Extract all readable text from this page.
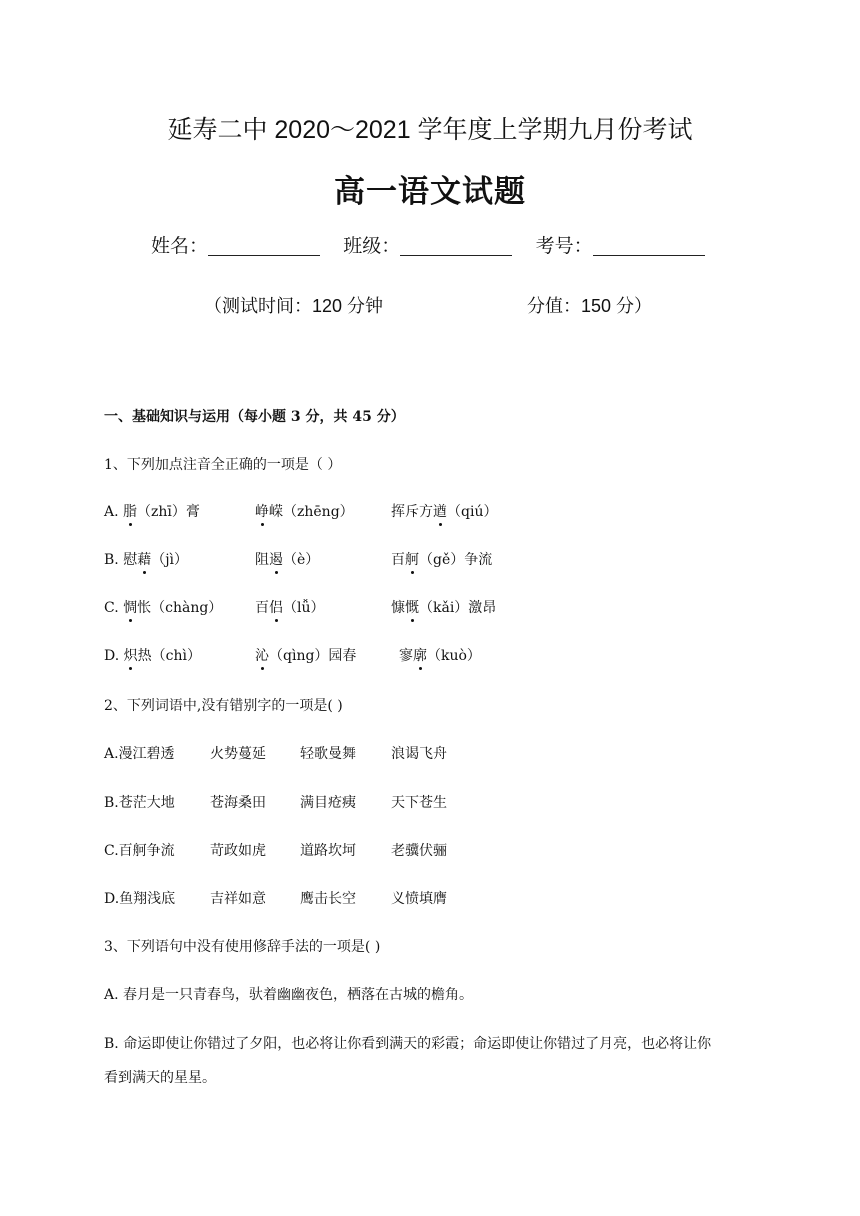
延寿二中 2020～2021 学年度上学期九月份考试
高一语文试题
姓名：	班级：	考号：
（测试时间：120 分钟	分值：150 分）
一、基础知识与运用（每小题 3 分，共 45 分）
1、下列加点注音全正确的一项是（ ）
A. 脂（zhī）膏	峥嵘（zhēng）	挥斥方遒（qiú）
B. 慰藉（jì）	阻遏（è）	百舸（gě）争流
C. 惆怅（chàng） 百侣（lǚ）	慷慨（kǎi）激昂
D. 炽热（chì）	沁（qìng）园春	寥廓（kuò）
2、下列词语中,没有错别字的一项是( )
A.漫江碧透	火势蔓延 轻歌曼舞	浪谒飞舟
B.苍茫大地	苍海桑田 满目疮痍	天下苍生
C.百舸争流	苛政如虎 道路坎坷	老骥伏骊
D.鱼翔浅底 吉祥如意 鹰击长空	义愤填膺
3、下列语句中没有使用修辞手法的一项是( )
A. 春月是一只青春鸟，驮着幽幽夜色，栖落在古城的檐角。
B. 命运即使让你错过了夕阳，也必将让你看到满天的彩霞；命运即使让你错过了月亮，也必将让你
看到满天的星星。
